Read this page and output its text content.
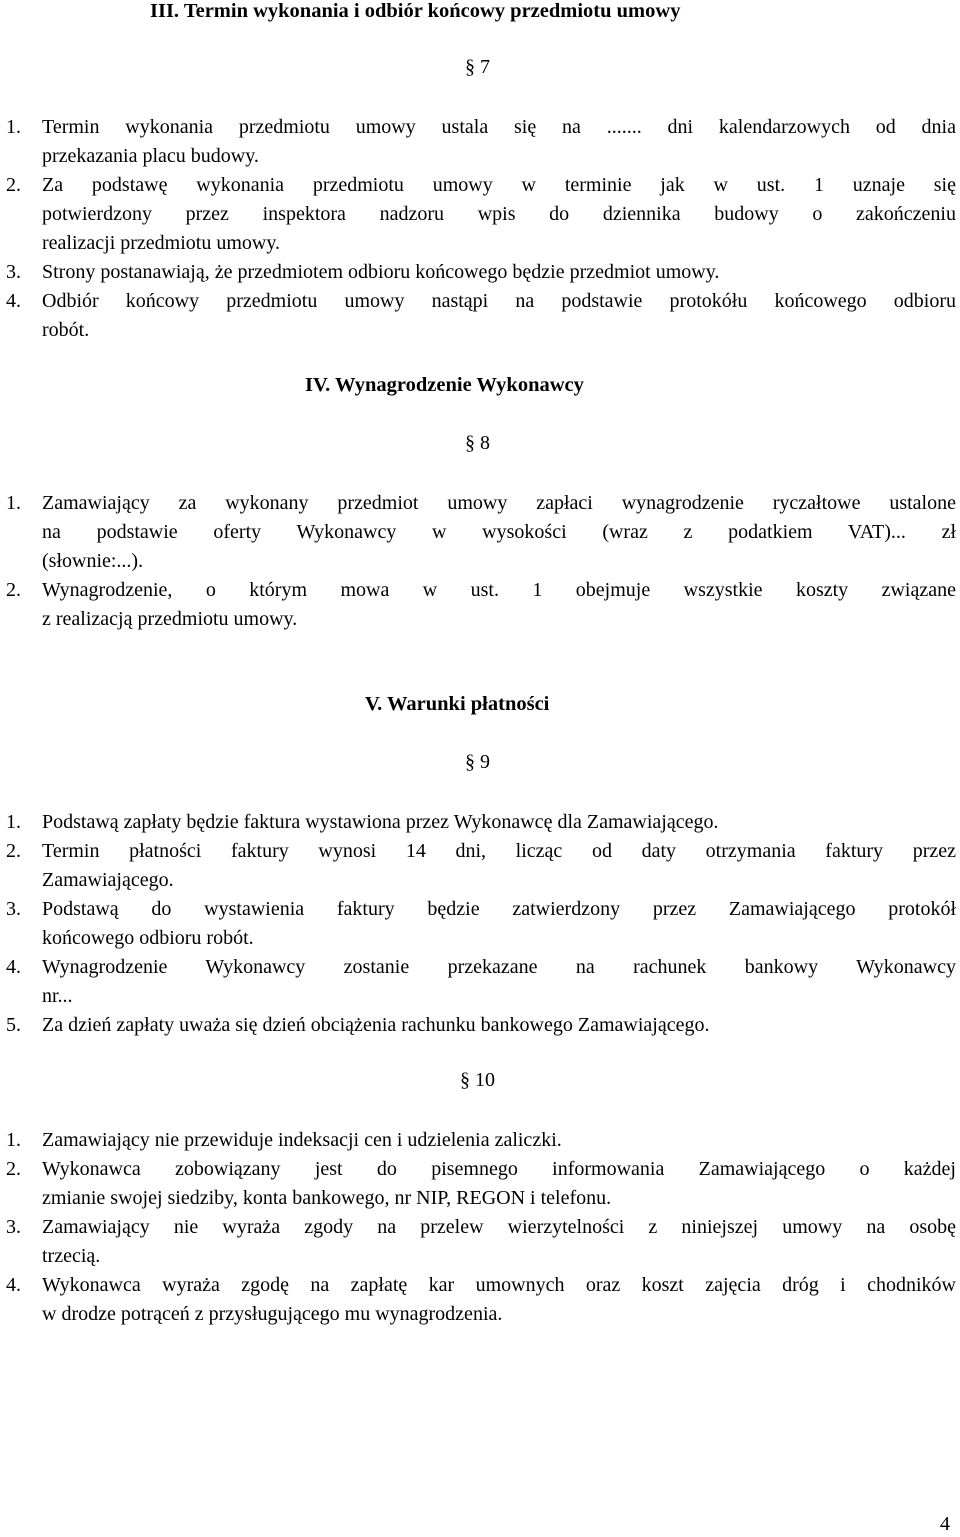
III. Termin wykonania i odbiór końcowy przedmiotu umowy
§ 7
1. Termin wykonania przedmiotu umowy ustala się na ....... dni kalendarzowych od dnia
przekazania placu budowy.
2. Za podstawę wykonania przedmiotu umowy w terminie jak w ust. 1 uznaje się
potwierdzony przez inspektora nadzoru wpis do dziennika budowy o zakończeniu
realizacji przedmiotu umowy.
3. Strony postanawiają, że przedmiotem odbioru końcowego będzie przedmiot umowy.
4. Odbiór końcowy przedmiotu umowy nastąpi na podstawie protokółu końcowego odbioru
robót.
IV. Wynagrodzenie Wykonawcy
§ 8
1. Zamawiający za wykonany przedmiot umowy zapłaci wynagrodzenie ryczałtowe ustalone
na podstawie oferty Wykonawcy w wysokości (wraz z podatkiem VAT)... zł
(słownie:...).
2. Wynagrodzenie, o którym mowa w ust. 1 obejmuje wszystkie koszty związane
z realizacją przedmiotu umowy.
V. Warunki płatności
§ 9
1. Podstawą zapłaty będzie faktura wystawiona przez Wykonawcę dla Zamawiającego.
2. Termin płatności faktury wynosi 14 dni, licząc od daty otrzymania faktury przez
Zamawiającego.
3. Podstawą do wystawienia faktury będzie zatwierdzony przez Zamawiającego protokół
końcowego odbioru robót.
4. Wynagrodzenie Wykonawcy zostanie przekazane na rachunek bankowy Wykonawcy
nr...
5. Za dzień zapłaty uważa się dzień obciążenia rachunku bankowego Zamawiającego.
§ 10
1. Zamawiający nie przewiduje indeksacji cen i udzielenia zaliczki.
2. Wykonawca zobowiązany jest do pisemnego informowania Zamawiającego o każdej
zmianie swojej siedziby, konta bankowego, nr NIP, REGON i telefonu.
3. Zamawiający nie wyraża zgody na przelew wierzytelności z niniejszej umowy na osobę
trzecią.
4. Wykonawca wyraża zgodę na zapłatę kar umownych oraz koszt zajęcia dróg i chodników
w drodze potrąceń z przysługującego mu wynagrodzenia.
4
